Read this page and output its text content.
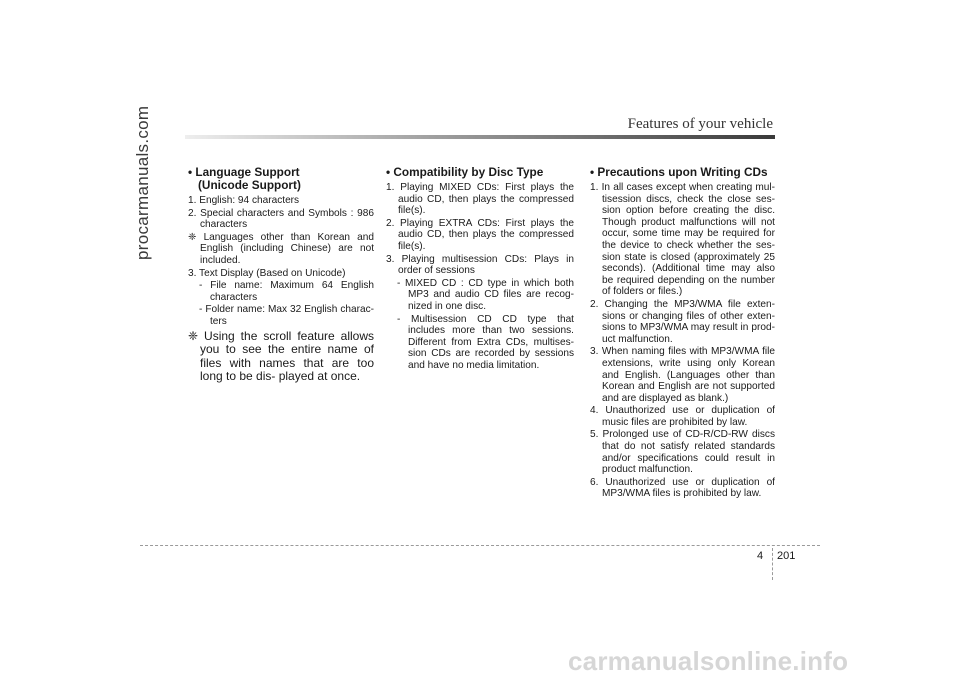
procarmanuals.com	Features of your vehicle
• Language Support
(Unicode Support)
1. English: 94 characters
2. Special characters and Symbols : 986 characters
❈ Languages other than Korean and English (including Chinese) are not included.
3. Text Display (Based on Unicode)
- File name: Maximum 64 English characters
- Folder name: Max 32 English charac- ters
❈ Using the scroll feature allows you to see the entire name of files with names that are too long to be dis- played at once.
• Compatibility by Disc Type
1. Playing MIXED CDs: First plays the audio CD, then plays the compressed file(s).
2. Playing EXTRA CDs: First plays the audio CD, then plays the compressed file(s).
3. Playing multisession CDs: Plays in order of sessions
- MIXED CD : CD type in which both MP3 and audio CD files are recog- nized in one disc.
- Multisession CD CD type that includes more than two sessions. Different from Extra CDs, multises- sion CDs are recorded by sessions and have no media limitation.
• Precautions upon Writing CDs
1. In all cases except when creating mul- tisession discs, check the close ses- sion option before creating the disc. Though product malfunctions will not occur, some time may be required for the device to check whether the ses- sion state is closed (approximately 25 seconds). (Additional time may also be required depending on the number of folders or files.)
2. Changing the MP3/WMA file exten- sions or changing files of other exten- sions to MP3/WMA may result in prod- uct malfunction.
3. When naming files with MP3/WMA file extensions, write using only Korean and English. (Languages other than Korean and English are not supported and are displayed as blank.)
4. Unauthorized use or duplication of music files are prohibited by law.
5. Prolonged use of CD-R/CD-RW discs that do not satisfy related standards and/or specifications could result in product malfunction.
6. Unauthorized use or duplication of MP3/WMA files is prohibited by law.
4 201
carmanualsonline.info
